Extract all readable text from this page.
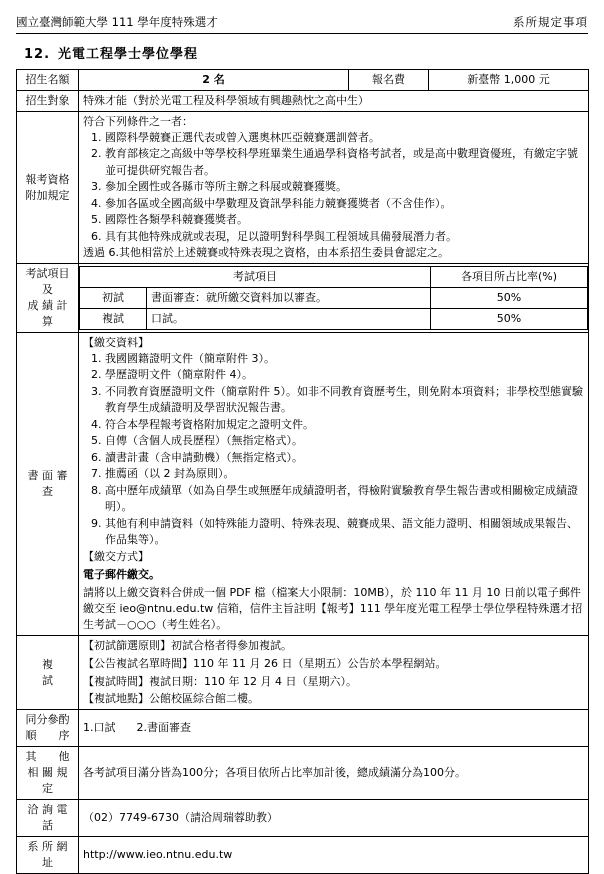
國立臺灣師範大學 111 學年度特殊選才	系所規定事項
12. 光電工程學士學位學程
招生名額	2 名	報名費	新臺幣 1,000 元
招生對象	特殊才能（對於光電工程及科學領域有興趣熱忱之高中生）

報考資格
附加規定

符合下列條件之一者：
1. 國際科學競賽正選代表或曾入選奧林匹亞競賽選訓營者。
2. 教育部核定之高級中等學校科學班畢業生通過學科資格考試者，或是高中數理資優班，有繳定字號並可提供研究報告者。
3. 參加全國性或各縣市等所主辦之科展或競賽獲獎。
4. 參加各區或全國高級中學數理及資訊學科能力競賽獲獎者（不含佳作）。
5. 國際性各類學科競賽獲獎者。
6. 具有其他特殊成就或表現，足以證明對科學與工程領域具備發展潛力者。
透過 6.其他相當於上述競賽或特殊表現之資格，由本系招生委員會認定之。

考試項目及
成 績 計 算

考試項目	各項目所占比率(%)
初試	書面審查：就所繳交資料加以審查。	50%
複試	口試。	50%

書 面 審 查	
【繳交資料】
1. 我國國籍證明文件（簡章附件 3）。
2. 學歷證明文件（簡章附件 4）。
3. 不同教育資歷證明文件（簡章附件 5）。如非不同教育資歷考生，則免附本項資料；非學校型態實驗教育學生成績證明及學習狀況報告書。
4. 符合本學程報考資格附加規定之證明文件。
5. 自傳（含個人成長歷程）（無指定格式）。
6. 讀書計畫（含申請動機）（無指定格式）。
7. 推薦函（以 2 封為原則）。
8. 高中歷年成績單（如為自學生或無歷年成績證明者，得檢附實驗教育學生報告書或相關檢定成績證明）。
9. 其他有利申請資料（如特殊能力證明、特殊表現、競賽成果、語文能力證明、相關領域成果報告、作品集等）。
【繳交方式】
電子郵件繳交。
請將以上繳交資料合併成一個 PDF 檔（檔案大小限制：10MB），於 110 年 11 月 10 日前以電子郵件繳交至 ieo@ntnu.edu.tw 信箱，信件主旨註明【報考】111 學年度光電工程學士學位學程特殊選才招生考試－○○○（考生姓名）。

複
試

【初試篩選原則】初試合格者得參加複試。
【公告複試名單時間】110 年 11 月 26 日（星期五）公告於本學程網站。
【複試時間】複試日期：110 年 12 月 4 日（星期六）。
【複試地點】公館校區綜合館二樓。

同分參酌
順　　序
	1.口試 2.書面審查

其　　他
相 關 規 定
	各考試項目滿分皆為100分；各項目依所占比率加計後，總成績滿分為100分。
洽 詢 電 話	（02）7749-6730（請洽周瑞蓉助教）
系 所 網 址	http://www.ieo.ntnu.edu.tw
